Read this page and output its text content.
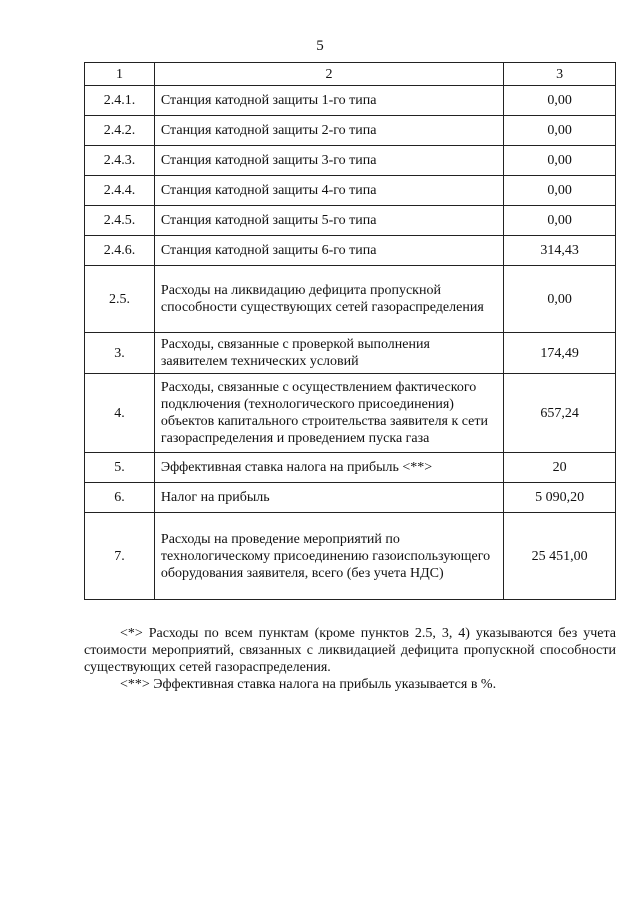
5
1	2	3
2.4.1.	Станция катодной защиты 1-го типа	0,00
2.4.2.	Станция катодной защиты 2-го типа	0,00
2.4.3.	Станция катодной защиты 3-го типа	0,00
2.4.4.	Станция катодной защиты 4-го типа	0,00
2.4.5.	Станция катодной защиты 5-го типа	0,00
2.4.6.	Станция катодной защиты 6-го типа	314,43
2.5.	Расходы на ликвидацию дефицита пропускной способности существующих сетей газораспределения	0,00
3.	Расходы, связанные с проверкой выполнения заявителем технических условий	174,49
4.	Расходы, связанные с осуществлением фактического подключения (технологического присоединения) объектов капитального строительства заявителя к сети газораспределения и проведением пуска газа	657,24
5.	Эффективная ставка налога на прибыль <**>	20
6.	Налог на прибыль	5 090,20
7.	Расходы на проведение мероприятий по технологическому присоединению газоиспользующего оборудования заявителя, всего (без учета НДС)	25 451,00

<*> Расходы по всем пунктам (кроме пунктов 2.5, 3, 4) указываются без учета стоимости мероприятий, связанных с ликвидацией дефицита пропускной способности существующих сетей газораспределения.

<**> Эффективная ставка налога на прибыль указывается в %.
